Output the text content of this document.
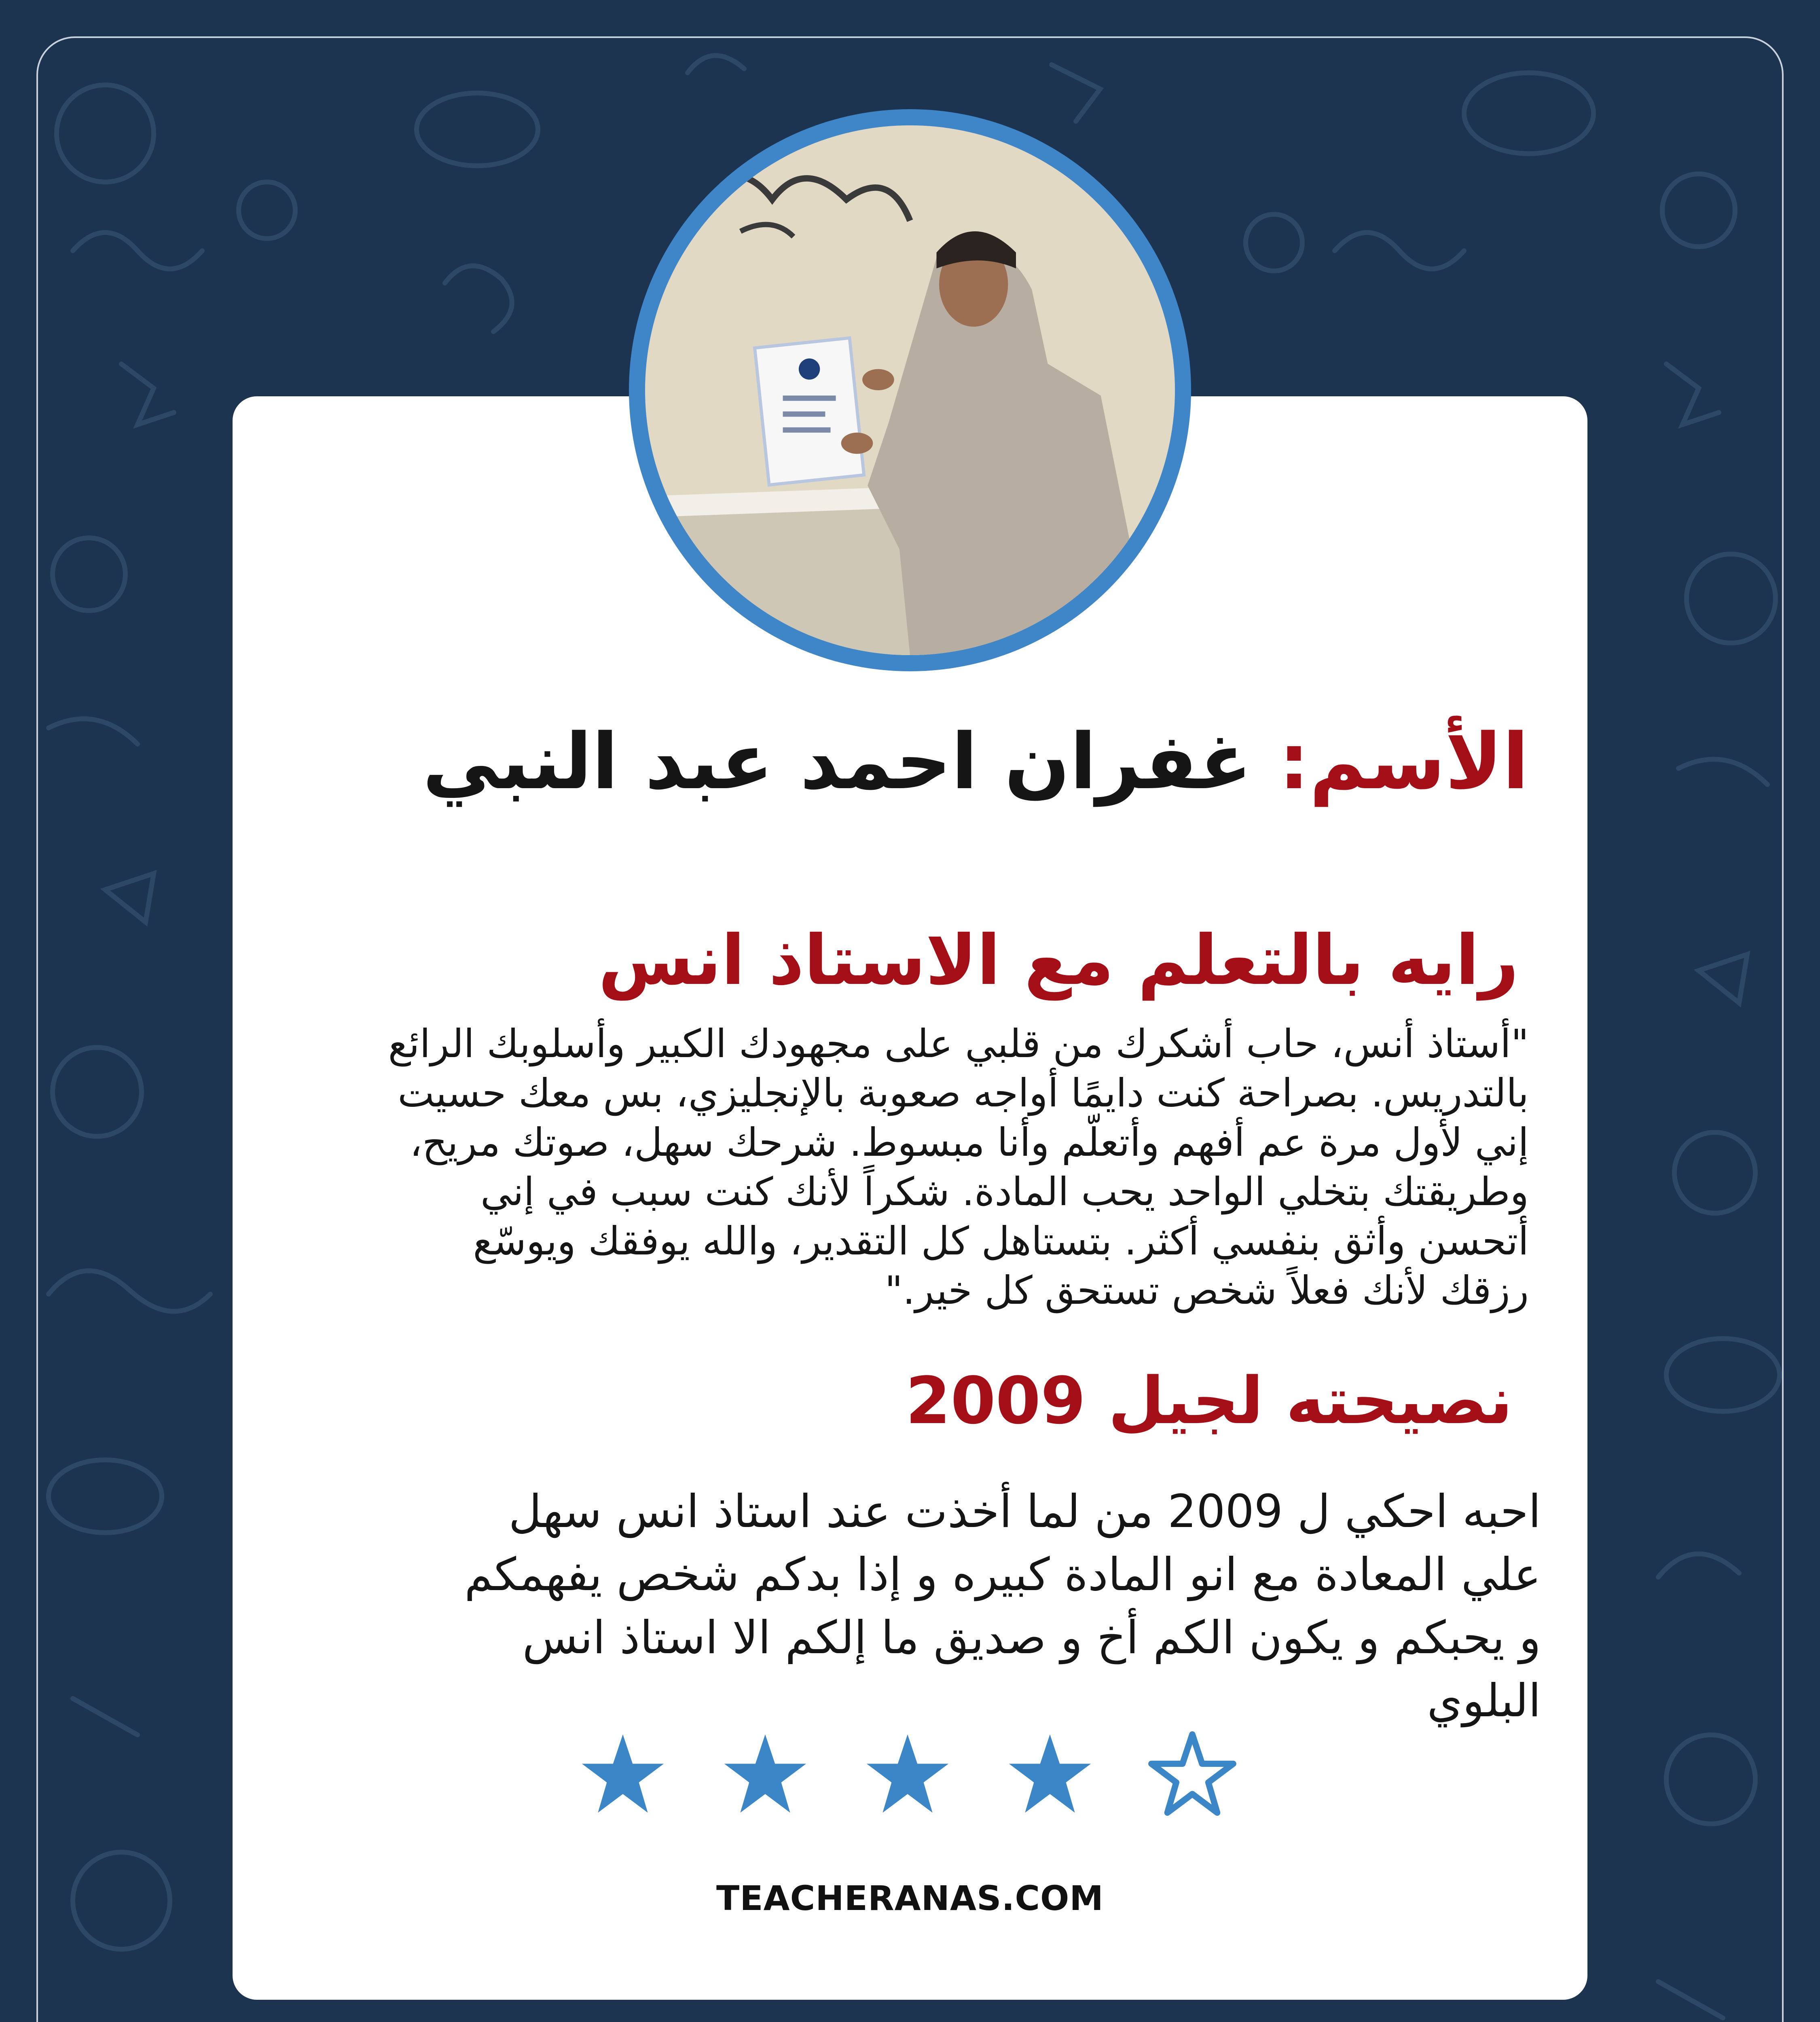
الأسم: غفران احمد عبد النبي
رايه بالتعلم مع الاستاذ انس
"أستاذ أنس، حاب أشكرك من قلبي على مجهودك الكبير وأسلوبك الرائع بالتدريس. بصراحة كنت دايمًا أواجه صعوبة بالإنجليزي، بس معك حسيت إني لأول مرة عم أفهم وأتعلّم وأنا مبسوط. شرحك سهل، صوتك مريح، وطريقتك بتخلي الواحد يحب المادة. شكراً لأنك كنت سبب في إني أتحسن وأثق بنفسي أكثر. بتستاهل كل التقدير، والله يوفقك ويوسّع رزقك لأنك فعلاً شخص تستحق كل خير."
نصيحته لجيل 2009
احبه احكي ل 2009 من لما أخذت عند استاذ انس سهل علي المعادة مع انو المادة كبيره و إذا بدكم شخص يفهمكم و يحبكم و يكون الكم أخ و صديق ما إلكم الا استاذ انس البلوي
TEACHERANAS.COM
